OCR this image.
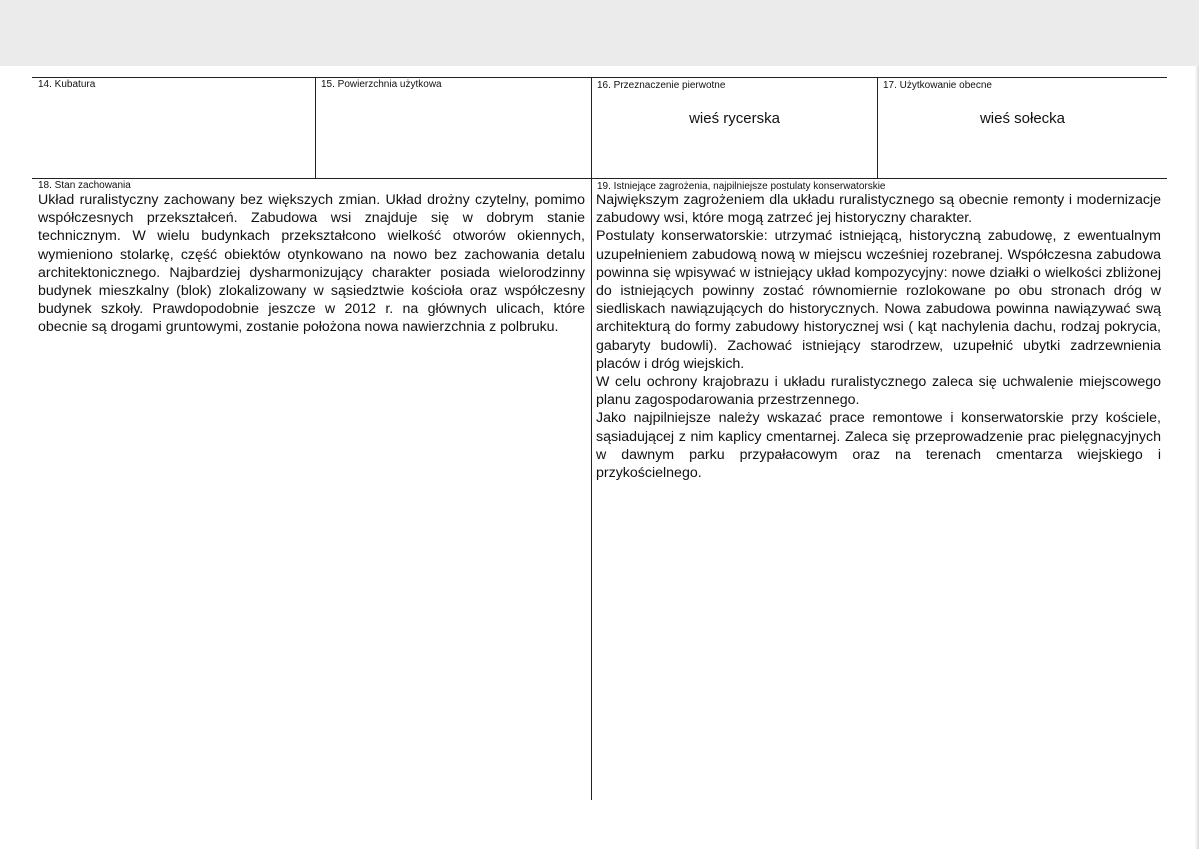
14. Kubatura	15. Powierzchnia użytkowa	16. Przeznaczenie pierwotne
wieś rycerska
17. Użytkowanie obecne
wieś sołecka
18. Stan zachowania

Układ ruralistyczny zachowany bez większych zmian. Układ drożny czytelny, pomimo współczesnych przekształceń. Zabudowa wsi znajduje się w dobrym stanie technicznym. W wielu budynkach przekształcono wielkość otworów okiennych, wymieniono stolarkę, część obiektów otynkowano na nowo bez zachowania detalu architektonicznego. Najbardziej dysharmonizujący charakter posiada wielorodzinny budynek mieszkalny (blok) zlokalizowany w sąsiedztwie kościoła oraz współczesny budynek szkoły. Prawdopodobnie jeszcze w 2012 r. na głównych ulicach, które obecnie są drogami gruntowymi, zostanie położona nowa nawierzchnia z polbruku.

19. Istniejące zagrożenia, najpilniejsze postulaty konserwatorskie

Największym zagrożeniem dla układu ruralistycznego są obecnie remonty i modernizacje zabudowy wsi, które mogą zatrzeć jej historyczny charakter.

Postulaty konserwatorskie: utrzymać istniejącą, historyczną zabudowę, z ewentualnym uzupełnieniem zabudową nową w miejscu wcześniej rozebranej. Współczesna zabudowa powinna się wpisywać w istniejący układ kompozycyjny: nowe działki o wielkości zbliżonej do istniejących powinny zostać równomiernie rozlokowane po obu stronach dróg w siedliskach nawiązujących do historycznych. Nowa zabudowa powinna nawiązywać swą architekturą do formy zabudowy historycznej wsi ( kąt nachylenia dachu, rodzaj pokrycia, gabaryty budowli). Zachować istniejący starodrzew, uzupełnić ubytki zadrzewnienia placów i dróg wiejskich.

W celu ochrony krajobrazu i układu ruralistycznego zaleca się uchwalenie miejscowego planu zagospodarowania przestrzennego.

Jako najpilniejsze należy wskazać prace remontowe i konserwatorskie przy kościele, sąsiadującej z nim kaplicy cmentarnej. Zaleca się przeprowadzenie prac pielęgnacyjnych w dawnym parku przypałacowym oraz na terenach cmentarza wiejskiego i przykościelnego.
